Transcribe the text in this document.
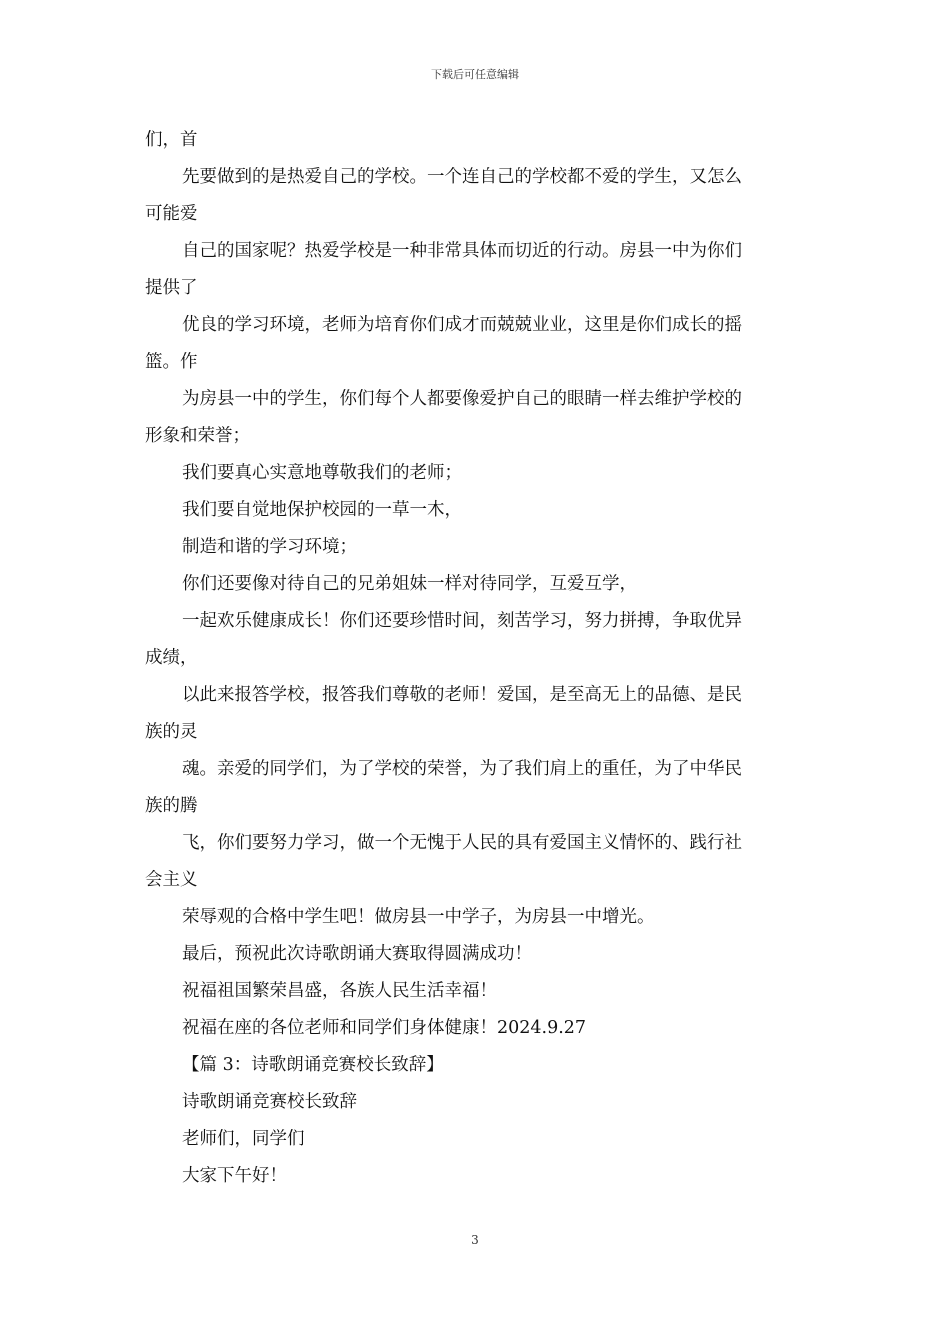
下载后可任意编辑
们，首
先要做到的是热爱自己的学校。一个连自己的学校都不爱的学生，又怎么
可能爱
自己的国家呢？热爱学校是一种非常具体而切近的行动。房县一中为你们
提供了
优良的学习环境，老师为培育你们成才而兢兢业业，这里是你们成长的摇
篮。作
为房县一中的学生，你们每个人都要像爱护自己的眼睛一样去维护学校的
形象和荣誉；
我们要真心实意地尊敬我们的老师；
我们要自觉地保护校园的一草一木，
制造和谐的学习环境；
你们还要像对待自己的兄弟姐妹一样对待同学，互爱互学，
一起欢乐健康成长！你们还要珍惜时间，刻苦学习，努力拼搏，争取优异
成绩，
以此来报答学校，报答我们尊敬的老师！爱国，是至高无上的品德、是民
族的灵
魂。亲爱的同学们，为了学校的荣誉，为了我们肩上的重任，为了中华民
族的腾
飞，你们要努力学习，做一个无愧于人民的具有爱国主义情怀的、践行社
会主义
荣辱观的合格中学生吧！做房县一中学子，为房县一中增光。
最后，预祝此次诗歌朗诵大赛取得圆满成功！
祝福祖国繁荣昌盛，各族人民生活幸福！
祝福在座的各位老师和同学们身体健康！2024.9.27
【篇 3：诗歌朗诵竞赛校长致辞】
诗歌朗诵竞赛校长致辞
老师们，同学们
大家下午好！
3
